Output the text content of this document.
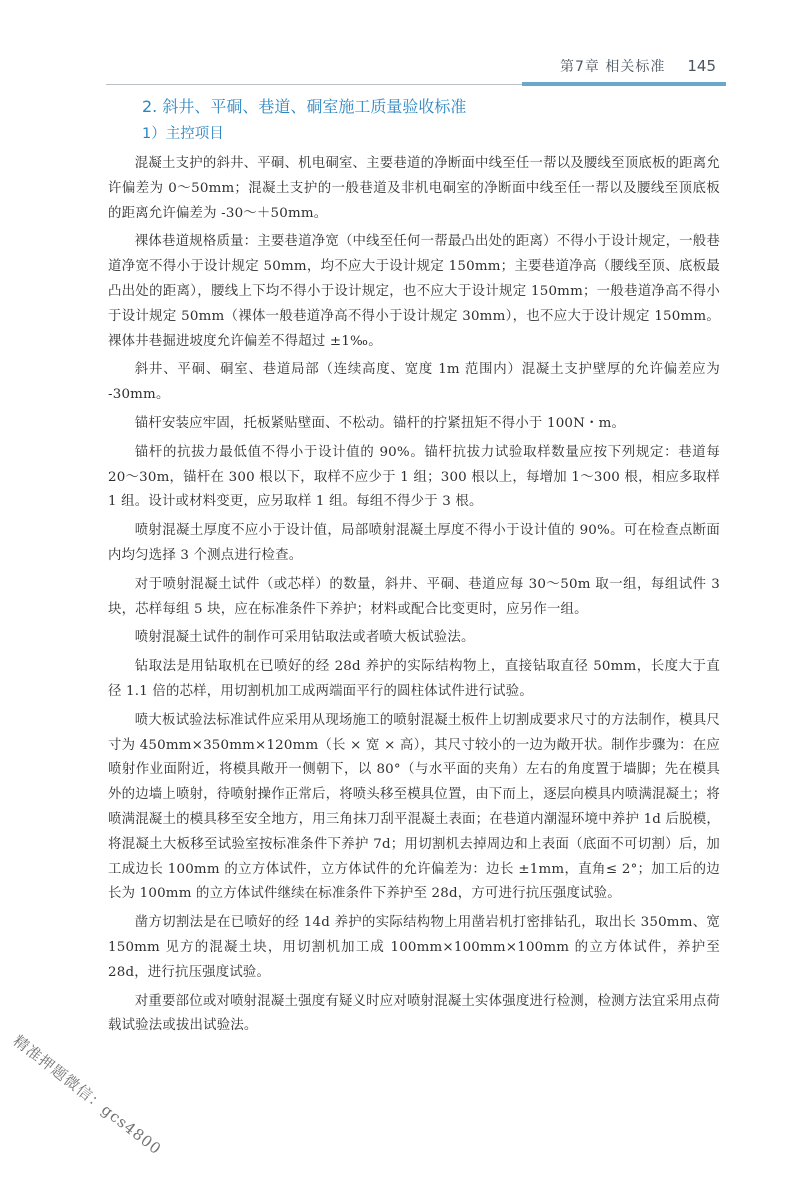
第7章 相关标准 145
2. 斜井、平硐、巷道、硐室施工质量验收标准
1）主控项目

混凝土支护的斜井、平硐、机电硐室、主要巷道的净断面中线至任一帮以及腰线至顶底板的距离允许偏差为 0～50mm；混凝土支护的一般巷道及非机电硐室的净断面中线至任一帮以及腰线至顶底板的距离允许偏差为 -30～＋50mm。

裸体巷道规格质量：主要巷道净宽（中线至任何一帮最凸出处的距离）不得小于设计规定，一般巷道净宽不得小于设计规定 50mm，均不应大于设计规定 150mm；主要巷道净高（腰线至顶、底板最凸出处的距离），腰线上下均不得小于设计规定，也不应大于设计规定 150mm；一般巷道净高不得小于设计规定 50mm（裸体一般巷道净高不得小于设计规定 30mm），也不应大于设计规定 150mm。裸体井巷掘进坡度允许偏差不得超过 ±1‰。

斜井、平硐、硐室、巷道局部（连续高度、宽度 1m 范围内）混凝土支护壁厚的允许偏差应为 -30mm。

锚杆安装应牢固，托板紧贴壁面、不松动。锚杆的拧紧扭矩不得小于 100N・m。

锚杆的抗拔力最低值不得小于设计值的 90%。锚杆抗拔力试验取样数量应按下列规定：巷道每 20～30m，锚杆在 300 根以下，取样不应少于 1 组；300 根以上，每增加 1～300 根，相应多取样 1 组。设计或材料变更，应另取样 1 组。每组不得少于 3 根。

喷射混凝土厚度不应小于设计值，局部喷射混凝土厚度不得小于设计值的 90%。可在检查点断面内均匀选择 3 个测点进行检查。

对于喷射混凝土试件（或芯样）的数量，斜井、平硐、巷道应每 30～50m 取一组，每组试件 3 块，芯样每组 5 块，应在标准条件下养护；材料或配合比变更时，应另作一组。

喷射混凝土试件的制作可采用钻取法或者喷大板试验法。

钻取法是用钻取机在已喷好的经 28d 养护的实际结构物上，直接钻取直径 50mm，长度大于直径 1.1 倍的芯样，用切割机加工成两端面平行的圆柱体试件进行试验。

喷大板试验法标准试件应采用从现场施工的喷射混凝土板件上切割成要求尺寸的方法制作，模具尺寸为 450mm×350mm×120mm（长 × 宽 × 高），其尺寸较小的一边为敞开状。制作步骤为：在应喷射作业面附近，将模具敞开一侧朝下，以 80°（与水平面的夹角）左右的角度置于墙脚；先在模具外的边墙上喷射，待喷射操作正常后，将喷头移至模具位置，由下而上，逐层向模具内喷满混凝土；将喷满混凝土的模具移至安全地方，用三角抹刀刮平混凝土表面；在巷道内潮湿环境中养护 1d 后脱模，将混凝土大板移至试验室按标准条件下养护 7d；用切割机去掉周边和上表面（底面不可切割）后，加工成边长 100mm 的立方体试件，立方体试件的允许偏差为：边长 ±1mm，直角≤ 2°；加工后的边长为 100mm 的立方体试件继续在标准条件下养护至 28d，方可进行抗压强度试验。

凿方切割法是在已喷好的经 14d 养护的实际结构物上用凿岩机打密排钻孔，取出长 350mm、宽 150mm 见方的混凝土块，用切割机加工成 100mm×100mm×100mm 的立方体试件，养护至 28d，进行抗压强度试验。

对重要部位或对喷射混凝土强度有疑义时应对喷射混凝土实体强度进行检测，检测方法宜采用点荷载试验法或拔出试验法。

精准押题微信：gcs4800
